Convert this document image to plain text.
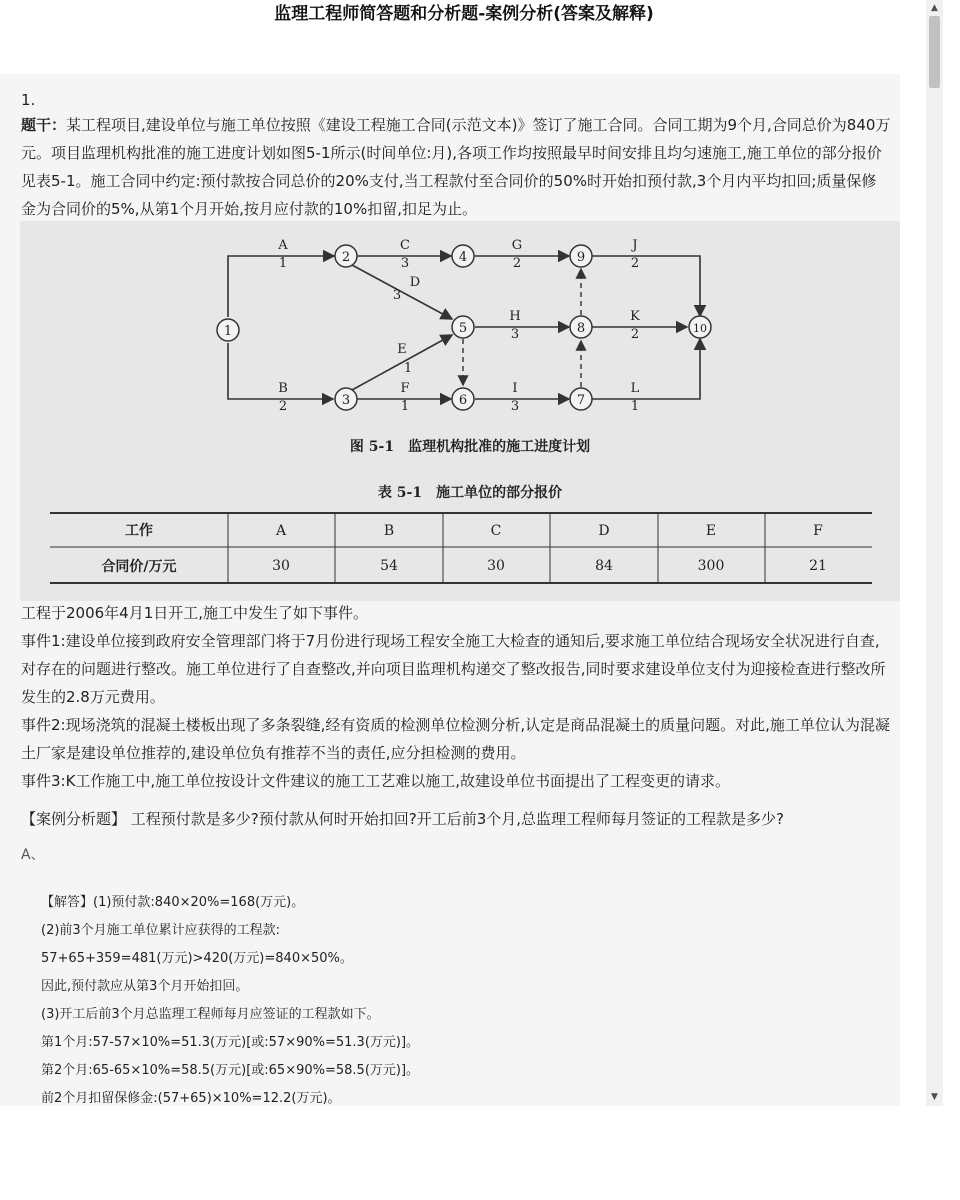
监理工程师简答题和分析题-案例分析(答案及解释)
1.
题干：某工程项目,建设单位与施工单位按照《建设工程施工合同(示范文本)》签订了施工合同。合同工期为9个月,合同总价为840万元。项目监理机构批准的施工进度计划如图5-1所示(时间单位:月),各项工作均按照最早时间安排且均匀速施工,施工单位的部分报价见表5-1。施工合同中约定:预付款按合同总价的20%支付,当工程款付至合同价的50%时开始扣预付款,3个月内平均扣回;质量保修金为合同价的5%,从第1个月开始,按月应付款的10%扣留,扣足为止。
1
2
3
4
5
6	7
8
9
10
A
1
B
2
C
3
D
3
E
1
F
1
G
2
H
3
I
3
J
2
K
2
L
1
图 5-1　监理机构批准的施工进度计划
表 5-1　施工单位的部分报价
工作	A	B	C	D	E	F
合同价/万元	30	54	30	84	300	21

工程于2006年4月1日开工,施工中发生了如下事件。

事件1:建设单位接到政府安全管理部门将于7月份进行现场工程安全施工大检查的通知后,要求施工单位结合现场安全状况进行自查,对存在的问题进行整改。施工单位进行了自查整改,并向项目监理机构递交了整改报告,同时要求建设单位支付为迎接检查进行整改所发生的2.8万元费用。

事件2:现场浇筑的混凝土楼板出现了多条裂缝,经有资质的检测单位检测分析,认定是商品混凝土的质量问题。对此,施工单位认为混凝土厂家是建设单位推荐的,建设单位负有推荐不当的责任,应分担检测的费用。

事件3:K工作施工中,施工单位按设计文件建议的施工工艺难以施工,故建设单位书面提出了工程变更的请求。

【案例分析题】 工程预付款是多少?预付款从何时开始扣回?开工后前3个月,总监理工程师每月签证的工程款是多少?
A、

【解答】(1)预付款:840×20%=168(万元)。

(2)前3个月施工单位累计应获得的工程款:

57+65+359=481(万元)>420(万元)=840×50%。

因此,预付款应从第3个月开始扣回。

(3)开工后前3个月总监理工程师每月应签证的工程款如下。

第1个月:57-57×10%=51.3(万元)[或:57×90%=51.3(万元)]。

第2个月:65-65×10%=58.5(万元)[或:65×90%=58.5(万元)]。

前2个月扣留保修金:(57+65)×10%=12.2(万元)。

▲
▼
